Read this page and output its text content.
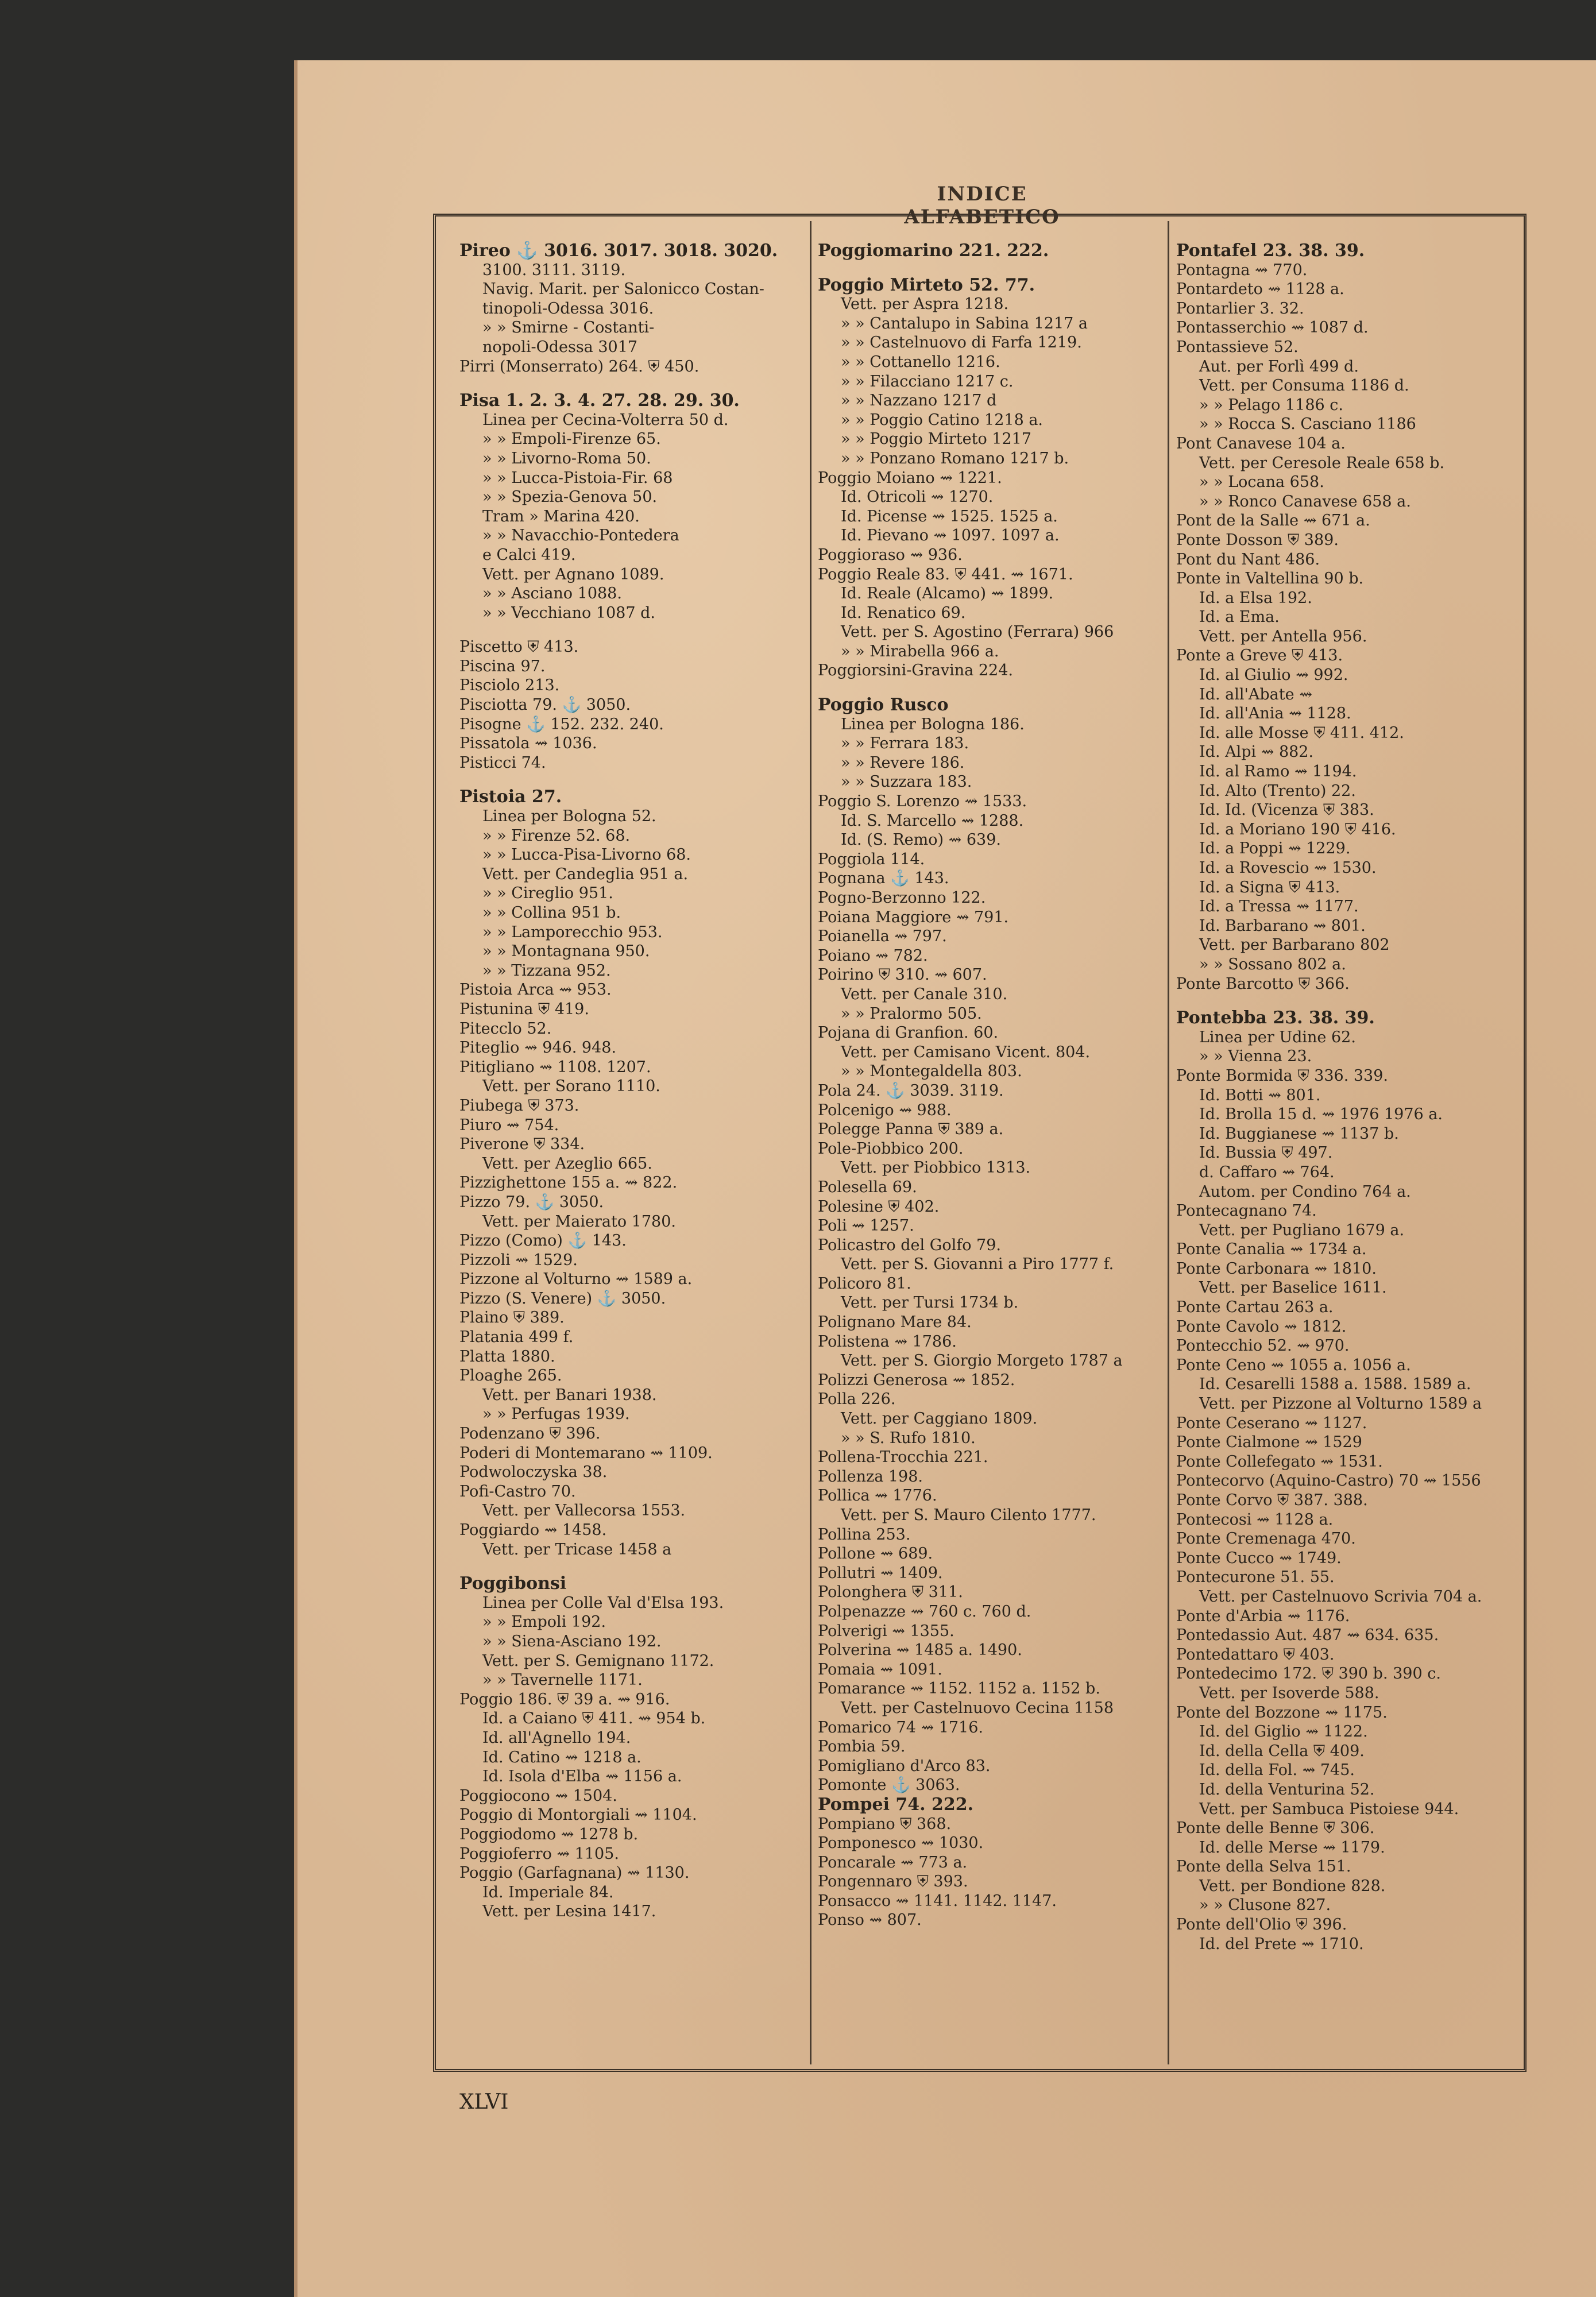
INDICE ALFABETICO
Pireo ⚓ 3016. 3017. 3018. 3020.
3100. 3111. 3119.
Navig. Marit. per Salonicco Costan-
tinopoli-Odessa 3016.
» » Smirne - Costanti-
nopoli-Odessa 3017
Pirri (Monserrato) 264. ⛨ 450.
Pisa 1. 2. 3. 4. 27. 28. 29. 30.
Linea per Cecina-Volterra 50 d.
» » Empoli-Firenze 65.
» » Livorno-Roma 50.
» » Lucca-Pistoia-Fir. 68
» » Spezia-Genova 50.
Tram » Marina 420.
» » Navacchio-Pontedera
e Calci 419.
Vett. per Agnano 1089.
» » Asciano 1088.
» » Vecchiano 1087 d.
Piscetto ⛨ 413.
Piscina 97.
Pisciolo 213.
Pisciotta 79. ⚓ 3050.
Pisogne ⚓ 152. 232. 240.
Pissatola ⇝ 1036.
Pisticci 74.
Pistoia 27.
Linea per Bologna 52.
» » Firenze 52. 68.
» » Lucca-Pisa-Livorno 68.
Vett. per Candeglia 951 a.
» » Cireglio 951.
» » Collina 951 b.
» » Lamporecchio 953.
» » Montagnana 950.
» » Tizzana 952.
Pistoia Arca ⇝ 953.
Pistunina ⛨ 419.
Pitecclo 52.
Piteglio ⇝ 946. 948.
Pitigliano ⇝ 1108. 1207.
Vett. per Sorano 1110.
Piubega ⛨ 373.
Piuro ⇝ 754.
Piverone ⛨ 334.
Vett. per Azeglio 665.
Pizzighettone 155 a. ⇝ 822.
Pizzo 79. ⚓ 3050.
Vett. per Maierato 1780.
Pizzo (Como) ⚓ 143.
Pizzoli ⇝ 1529.
Pizzone al Volturno ⇝ 1589 a.
Pizzo (S. Venere) ⚓ 3050.
Plaino ⛨ 389.
Platania 499 f.
Platta 1880.
Ploaghe 265.
Vett. per Banari 1938.
» » Perfugas 1939.
Podenzano ⛨ 396.
Poderi di Montemarano ⇝ 1109.
Podwoloczyska 38.
Pofi-Castro 70.
Vett. per Vallecorsa 1553.
Poggiardo ⇝ 1458.
Vett. per Tricase 1458 a
Poggibonsi
Linea per Colle Val d'Elsa 193.
» » Empoli 192.
» » Siena-Asciano 192.
Vett. per S. Gemignano 1172.
» » Tavernelle 1171.
Poggio 186. ⛨ 39 a. ⇝ 916.
Id. a Caiano ⛨ 411. ⇝ 954 b.
Id. all'Agnello 194.
Id. Catino ⇝ 1218 a.
Id. Isola d'Elba ⇝ 1156 a.
Poggiocono ⇝ 1504.
Poggio di Montorgiali ⇝ 1104.
Poggiodomo ⇝ 1278 b.
Poggioferro ⇝ 1105.
Poggio (Garfagnana) ⇝ 1130.
Id. Imperiale 84.
Vett. per Lesina 1417.
Poggiomarino 221. 222.
Poggio Mirteto 52. 77.
Vett. per Aspra 1218.
» » Cantalupo in Sabina 1217 a
» » Castelnuovo di Farfa 1219.
» » Cottanello 1216.
» » Filacciano 1217 c.
» » Nazzano 1217 d
» » Poggio Catino 1218 a.
» » Poggio Mirteto 1217
» » Ponzano Romano 1217 b.
Poggio Moiano ⇝ 1221.
Id. Otricoli ⇝ 1270.
Id. Picense ⇝ 1525. 1525 a.
Id. Pievano ⇝ 1097. 1097 a.
Poggioraso ⇝ 936.
Poggio Reale 83. ⛨ 441. ⇝ 1671.
Id. Reale (Alcamo) ⇝ 1899.
Id. Renatico 69.
Vett. per S. Agostino (Ferrara) 966
» » Mirabella 966 a.
Poggiorsini-Gravina 224.
Poggio Rusco
Linea per Bologna 186.
» » Ferrara 183.
» » Revere 186.
» » Suzzara 183.
Poggio S. Lorenzo ⇝ 1533.
Id. S. Marcello ⇝ 1288.
Id. (S. Remo) ⇝ 639.
Poggiola 114.
Pognana ⚓ 143.
Pogno-Berzonno 122.
Poiana Maggiore ⇝ 791.
Poianella ⇝ 797.
Poiano ⇝ 782.
Poirino ⛨ 310. ⇝ 607.
Vett. per Canale 310.
» » Pralormo 505.
Pojana di Granfion. 60.
Vett. per Camisano Vicent. 804.
» » Montegaldella 803.
Pola 24. ⚓ 3039. 3119.
Polcenigo ⇝ 988.
Polegge Panna ⛨ 389 a.
Pole-Piobbico 200.
Vett. per Piobbico 1313.
Polesella 69.
Polesine ⛨ 402.
Poli ⇝ 1257.
Policastro del Golfo 79.
Vett. per S. Giovanni a Piro 1777 f.
Policoro 81.
Vett. per Tursi 1734 b.
Polignano Mare 84.
Polistena ⇝ 1786.
Vett. per S. Giorgio Morgeto 1787 a
Polizzi Generosa ⇝ 1852.
Polla 226.
Vett. per Caggiano 1809.
» » S. Rufo 1810.
Pollena-Trocchia 221.
Pollenza 198.
Pollica ⇝ 1776.
Vett. per S. Mauro Cilento 1777.
Pollina 253.
Pollone ⇝ 689.
Pollutri ⇝ 1409.
Polonghera ⛨ 311.
Polpenazze ⇝ 760 c. 760 d.
Polverigi ⇝ 1355.
Polverina ⇝ 1485 a. 1490.
Pomaia ⇝ 1091.
Pomarance ⇝ 1152. 1152 a. 1152 b.
Vett. per Castelnuovo Cecina 1158
Pomarico 74 ⇝ 1716.
Pombia 59.
Pomigliano d'Arco 83.
Pomonte ⚓ 3063.
Pompei 74. 222.
Pompiano ⛨ 368.
Pomponesco ⇝ 1030.
Poncarale ⇝ 773 a.
Pongennaro ⛨ 393.
Ponsacco ⇝ 1141. 1142. 1147.
Ponso ⇝ 807.
Pontafel 23. 38. 39.
Pontagna ⇝ 770.
Pontardeto ⇝ 1128 a.
Pontarlier 3. 32.
Pontasserchio ⇝ 1087 d.
Pontassieve 52.
Aut. per Forlì 499 d.
Vett. per Consuma 1186 d.
» » Pelago 1186 c.
» » Rocca S. Casciano 1186
Pont Canavese 104 a.
Vett. per Ceresole Reale 658 b.
» » Locana 658.
» » Ronco Canavese 658 a.
Pont de la Salle ⇝ 671 a.
Ponte Dosson ⛨ 389.
Pont du Nant 486.
Ponte in Valtellina 90 b.
Id. a Elsa 192.
Id. a Ema.
Vett. per Antella 956.
Ponte a Greve ⛨ 413.
Id. al Giulio ⇝ 992.
Id. all'Abate ⇝
Id. all'Ania ⇝ 1128.
Id. alle Mosse ⛨ 411. 412.
Id. Alpi ⇝ 882.
Id. al Ramo ⇝ 1194.
Id. Alto (Trento) 22.
Id. Id. (Vicenza ⛨ 383.
Id. a Moriano 190 ⛨ 416.
Id. a Poppi ⇝ 1229.
Id. a Rovescio ⇝ 1530.
Id. a Signa ⛨ 413.
Id. a Tressa ⇝ 1177.
Id. Barbarano ⇝ 801.
Vett. per Barbarano 802
» » Sossano 802 a.
Ponte Barcotto ⛨ 366.
Pontebba 23. 38. 39.
Linea per Udine 62.
» » Vienna 23.
Ponte Bormida ⛨ 336. 339.
Id. Botti ⇝ 801.
Id. Brolla 15 d. ⇝ 1976 1976 a.
Id. Buggianese ⇝ 1137 b.
Id. Bussia ⛨ 497.
d. Caffaro ⇝ 764.
Autom. per Condino 764 a.
Pontecagnano 74.
Vett. per Pugliano 1679 a.
Ponte Canalia ⇝ 1734 a.
Ponte Carbonara ⇝ 1810.
Vett. per Baselice 1611.
Ponte Cartau 263 a.
Ponte Cavolo ⇝ 1812.
Pontecchio 52. ⇝ 970.
Ponte Ceno ⇝ 1055 a. 1056 a.
Id. Cesarelli 1588 a. 1588. 1589 a.
Vett. per Pizzone al Volturno 1589 a
Ponte Ceserano ⇝ 1127.
Ponte Cialmone ⇝ 1529
Ponte Collefegato ⇝ 1531.
Pontecorvo (Aquino-Castro) 70 ⇝ 1556
Ponte Corvo ⛨ 387. 388.
Pontecosi ⇝ 1128 a.
Ponte Cremenaga 470.
Ponte Cucco ⇝ 1749.
Pontecurone 51. 55.
Vett. per Castelnuovo Scrivia 704 a.
Ponte d'Arbia ⇝ 1176.
Pontedassio Aut. 487 ⇝ 634. 635.
Pontedattaro ⛨ 403.
Pontedecimo 172. ⛨ 390 b. 390 c.
Vett. per Isoverde 588.
Ponte del Bozzone ⇝ 1175.
Id. del Giglio ⇝ 1122.
Id. della Cella ⛨ 409.
Id. della Fol. ⇝ 745.
Id. della Venturina 52.
Vett. per Sambuca Pistoiese 944.
Ponte delle Benne ⛨ 306.
Id. delle Merse ⇝ 1179.
Ponte della Selva 151.
Vett. per Bondione 828.
» » Clusone 827.
Ponte dell'Olio ⛨ 396.
Id. del Prete ⇝ 1710.
XLVI
